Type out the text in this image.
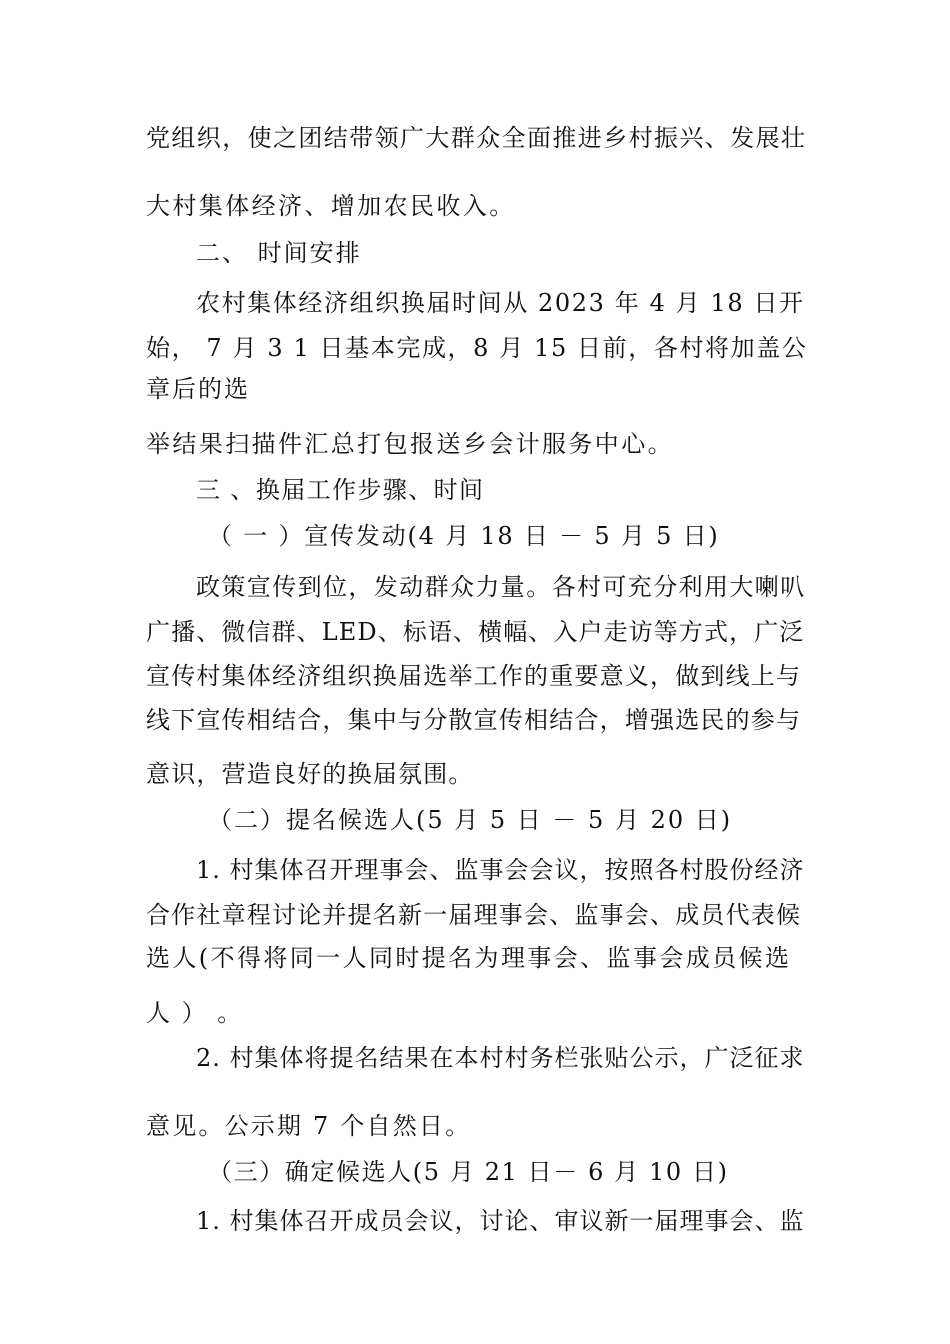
党组织，使之团结带领广大群众全面推进乡村振兴、发展壮
大村集体经济、增加农民收入。
二、 时间安排
农村集体经济组织换届时间从 2023 年 4 月 18 日开
始， 7 月 3 1 日基本完成，8 月 15 日前，各村将加盖公
章后的选
举结果扫描件汇总打包报送乡会计服务中心。
三 、换届工作步骤、时间
（ 一 ）宣传发动(4 月 18 日 － 5 月 5 日)
政策宣传到位，发动群众力量。各村可充分利用大喇叭
广播、微信群、LED、标语、横幅、入户走访等方式，广泛
宣传村集体经济组织换届选举工作的重要意义，做到线上与
线下宣传相结合，集中与分散宣传相结合，增强选民的参与
意识，营造良好的换届氛围。
（二）提名候选人(5 月 5 日 － 5 月 20 日)
1. 村集体召开理事会、监事会会议，按照各村股份经济
合作社章程讨论并提名新一届理事会、监事会、成员代表候
选人(不得将同一人同时提名为理事会、监事会成员候选
人 ） 。
2. 村集体将提名结果在本村村务栏张贴公示，广泛征求
意见。公示期 7 个自然日。
（三）确定候选人(5 月 21 日－ 6 月 10 日)
1. 村集体召开成员会议，讨论、审议新一届理事会、监
